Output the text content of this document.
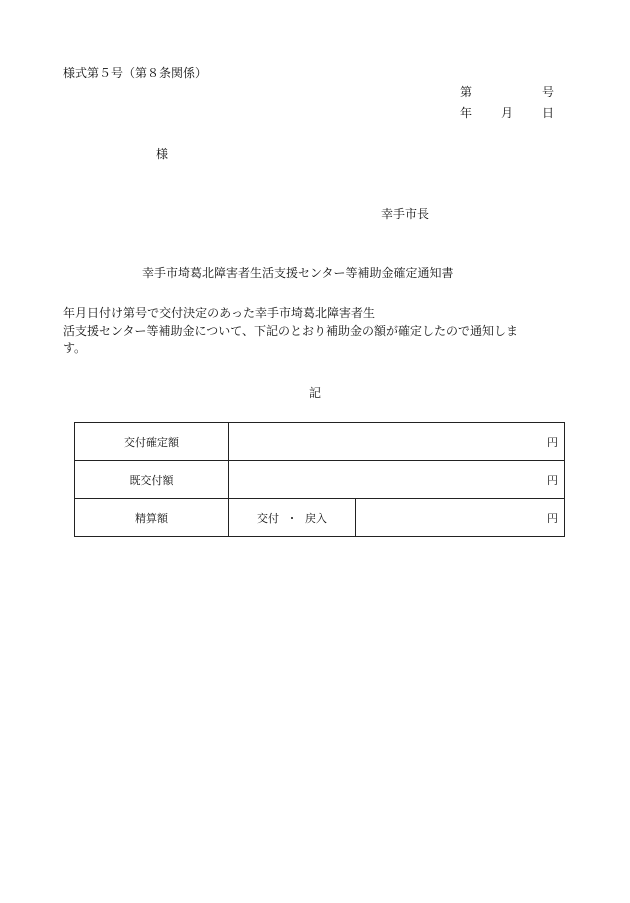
様式第５号（第８条関係）
第	号
年 月 日
様
幸手市長
幸手市埼葛北障害者生活支援センター等補助金確定通知書
年月日付け第号で交付決定のあった幸手市埼葛北障害者生
活支援センター等補助金について、下記のとおり補助金の額が確定したので通知しま
す。
記
交付確定額	円	
既交付額	円	
精算額	交付 ・ 戻入	円
